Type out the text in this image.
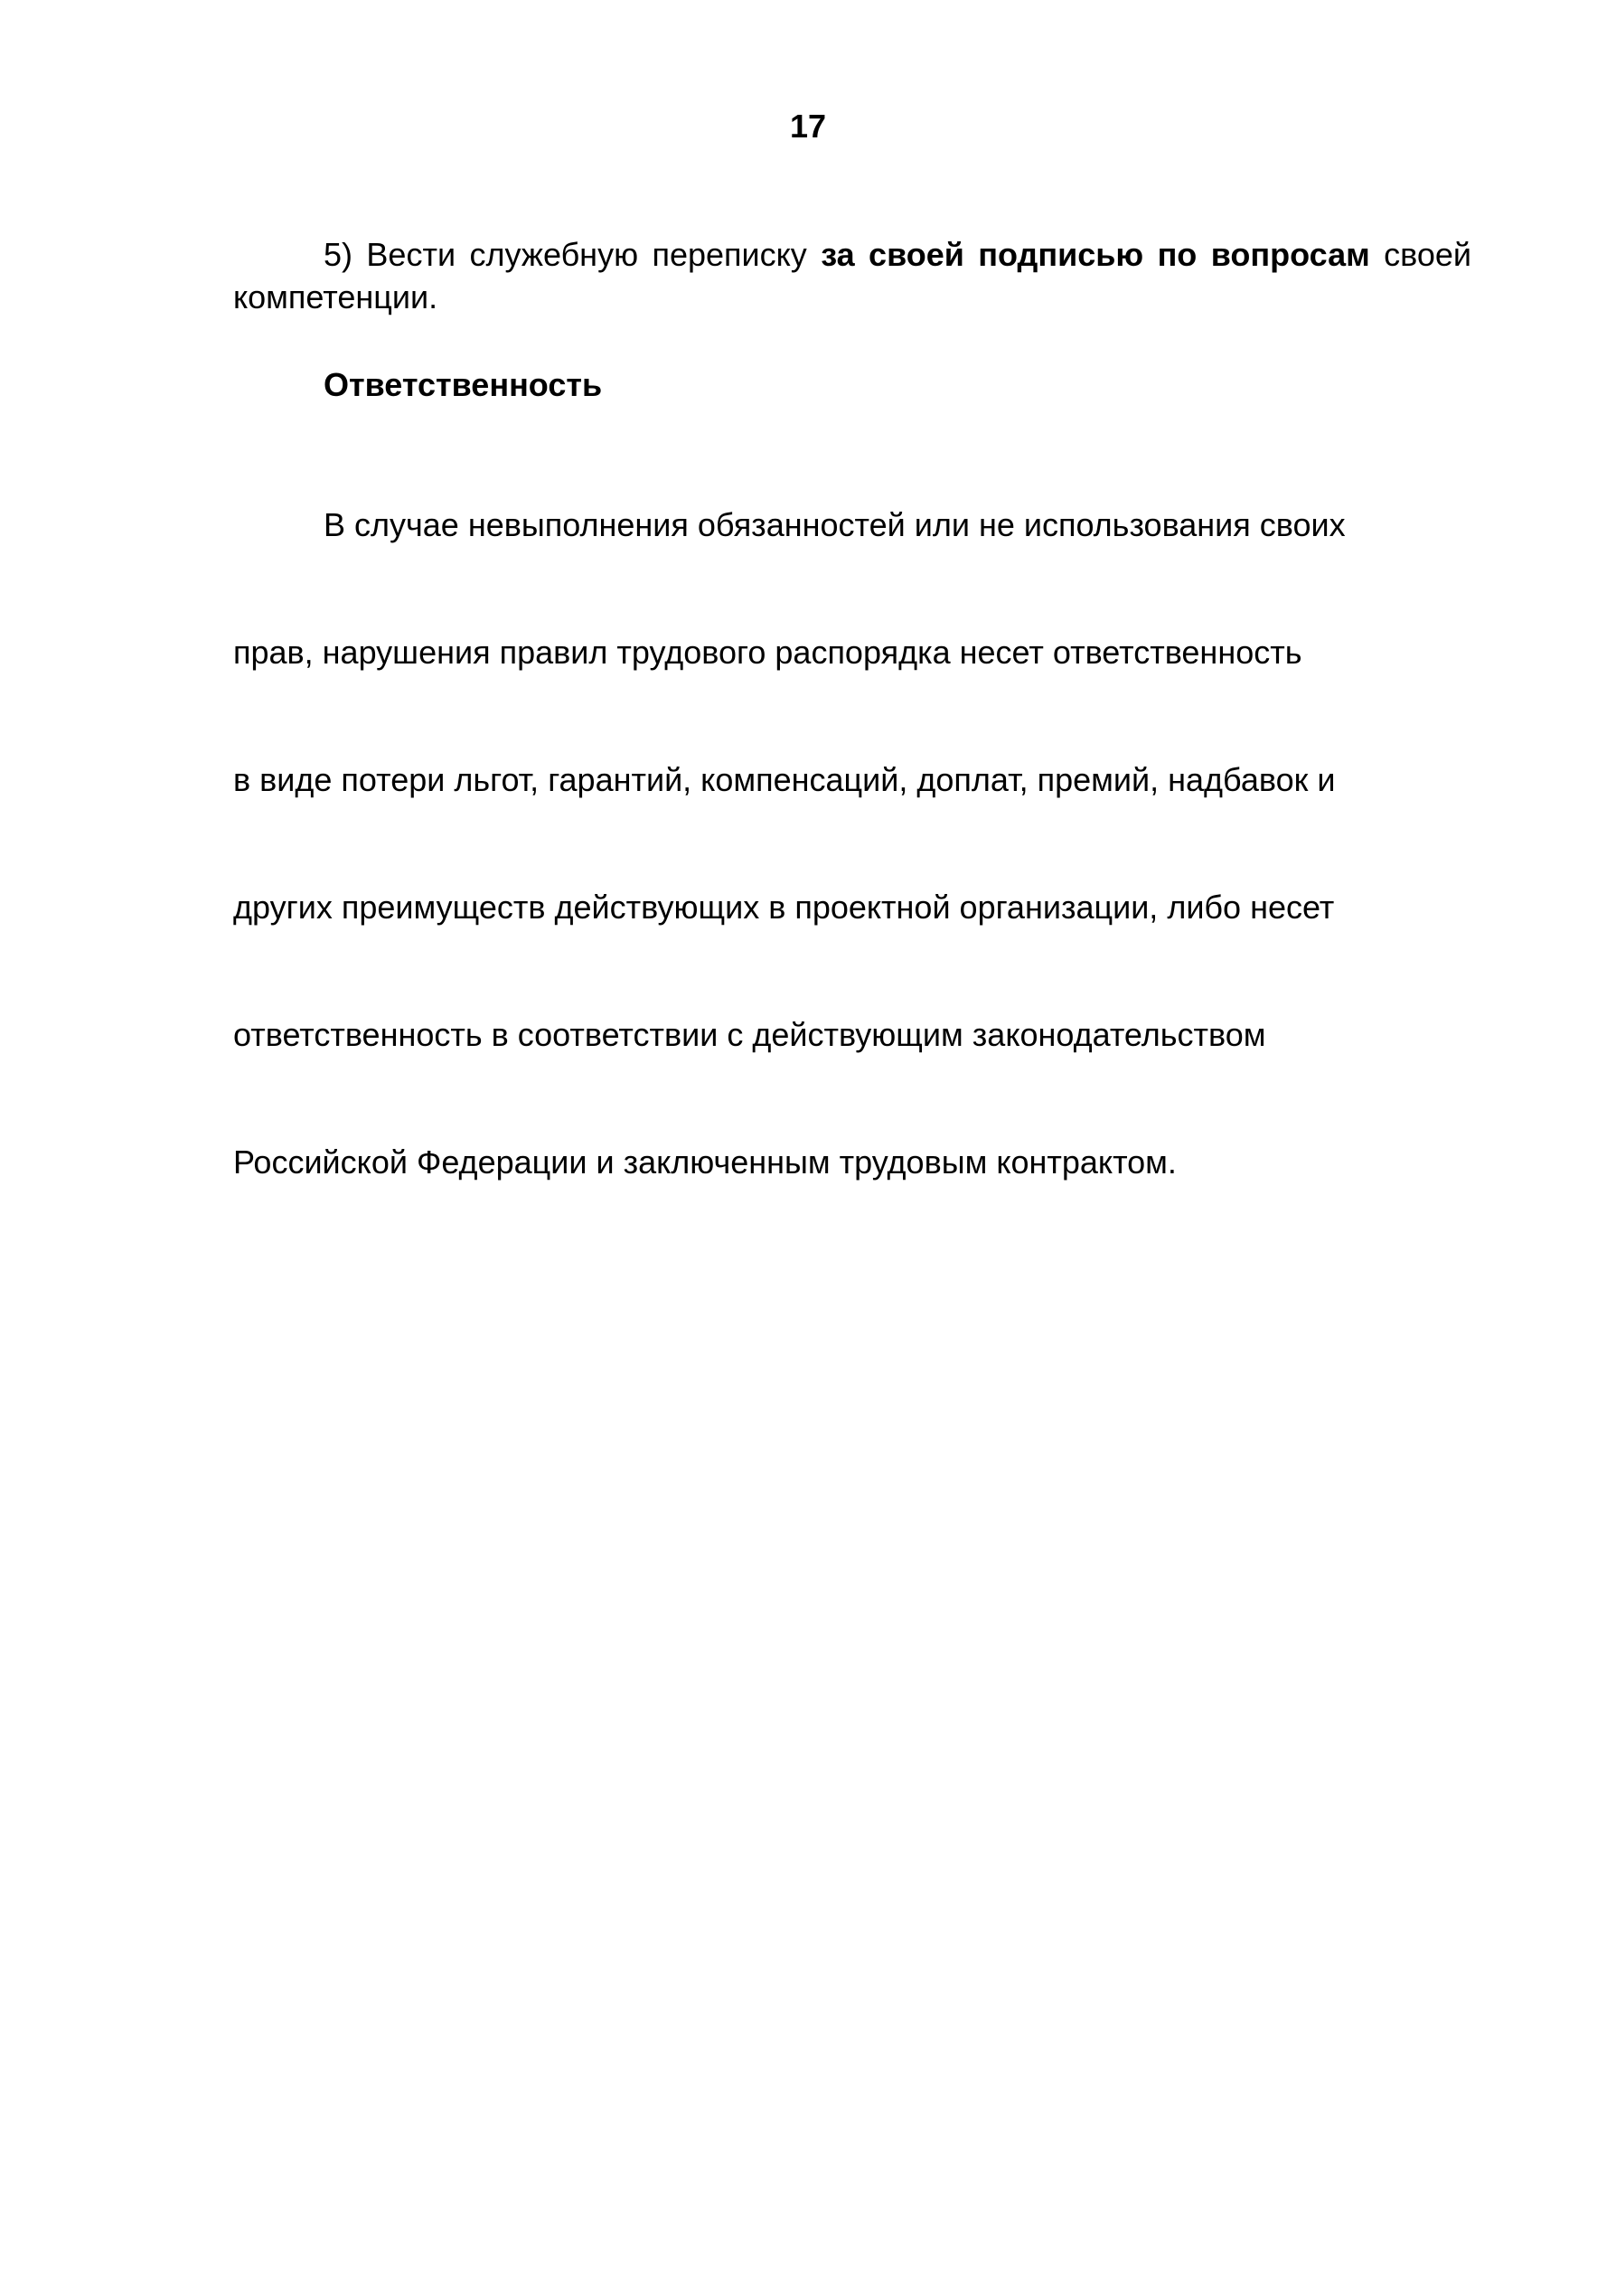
17

5) Вести служебную переписку за своей подписью по вопросам своей компетенции.

Ответственность

В случае невыполнения обязанностей или не использования своих

прав, нарушения правил трудового распорядка несет ответственность

в виде потери льгот, гарантий, компенсаций, доплат, премий, надбавок и

других преимуществ действующих в проектной организации, либо несет

ответственность в соответствии с действующим законодательством

Российской Федерации и заключенным трудовым контрактом.
